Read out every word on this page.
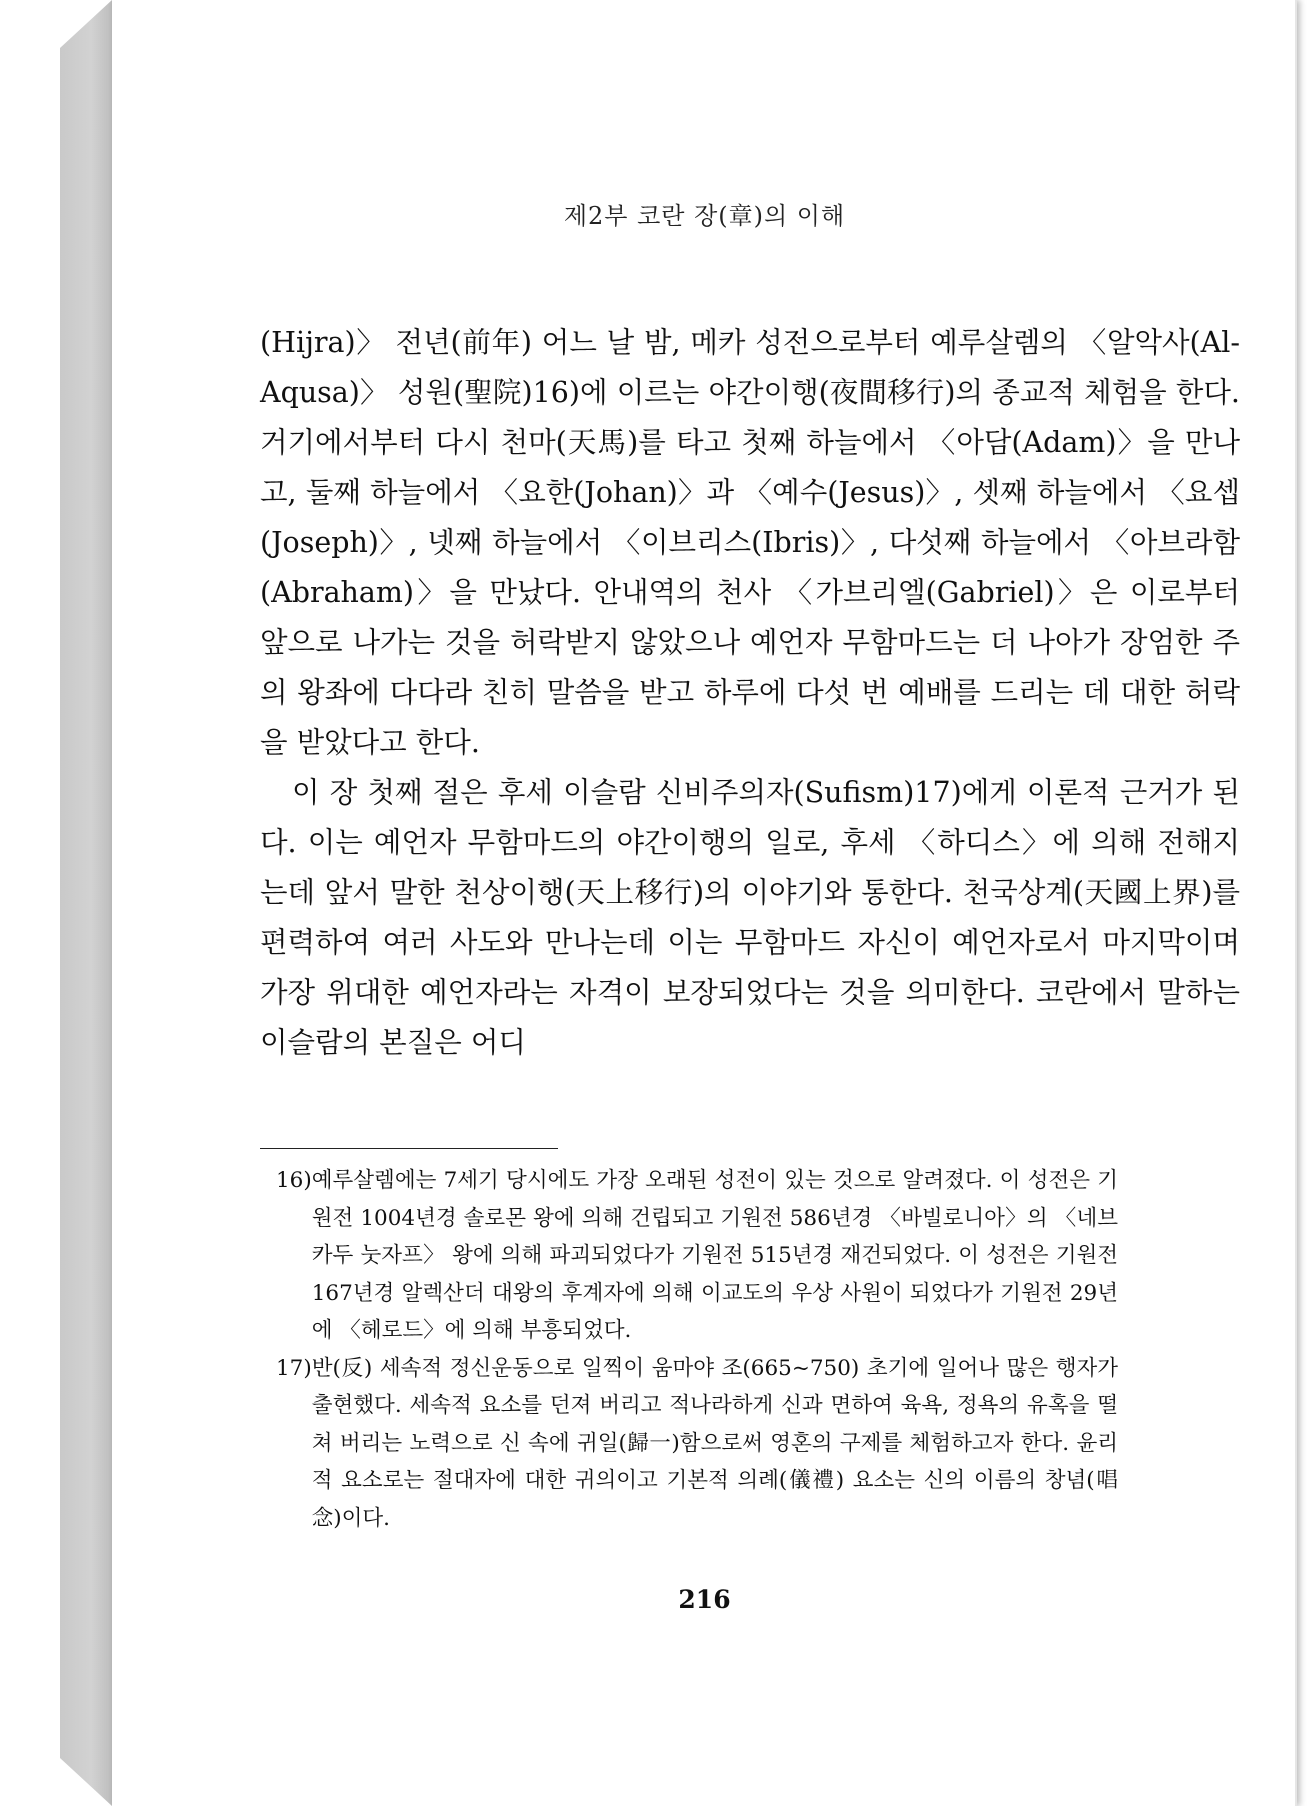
제2부 코란 장(章)의 이해

(Hijra)〉 전년(前年) 어느 날 밤, 메카 성전으로부터 예루살렘의 〈알악사(Al-Aqusa)〉 성원(聖院)16)에 이르는 야간이행(夜間移行)의 종교적 체험을 한다. 거기에서부터 다시 천마(天馬)를 타고 첫째 하늘에서 〈아담(Adam)〉을 만나고, 둘째 하늘에서 〈요한(Johan)〉과 〈예수(Jesus)〉, 셋째 하늘에서 〈요셉(Joseph)〉, 넷째 하늘에서 〈이브리스(Ibris)〉, 다섯째 하늘에서 〈아브라함(Abraham)〉을 만났다. 안내역의 천사 〈가브리엘(Gabriel)〉은 이로부터 앞으로 나가는 것을 허락받지 않았으나 예언자 무함마드는 더 나아가 장엄한 주의 왕좌에 다다라 친히 말씀을 받고 하루에 다섯 번 예배를 드리는 데 대한 허락을 받았다고 한다.

이 장 첫째 절은 후세 이슬람 신비주의자(Sufism)17)에게 이론적 근거가 된다. 이는 예언자 무함마드의 야간이행의 일로, 후세 〈하디스〉에 의해 전해지는데 앞서 말한 천상이행(天上移行)의 이야기와 통한다. 천국상계(天國上界)를 편력하여 여러 사도와 만나는데 이는 무함마드 자신이 예언자로서 마지막이며 가장 위대한 예언자라는 자격이 보장되었다는 것을 의미한다. 코란에서 말하는 이슬람의 본질은 어디

16) 예루살렘에는 7세기 당시에도 가장 오래된 성전이 있는 것으로 알려졌다. 이 성전은 기원전 1004년경 솔로몬 왕에 의해 건립되고 기원전 586년경 〈바빌로니아〉의 〈네브카두 눗자프〉 왕에 의해 파괴되었다가 기원전 515년경 재건되었다. 이 성전은 기원전 167년경 알렉산더 대왕의 후계자에 의해 이교도의 우상 사원이 되었다가 기원전 29년에 〈헤로드〉에 의해 부흥되었다.
17) 반(反) 세속적 정신운동으로 일찍이 움마야 조(665~750) 초기에 일어나 많은 행자가 출현했다. 세속적 요소를 던져 버리고 적나라하게 신과 면하여 육욕, 정욕의 유혹을 떨쳐 버리는 노력으로 신 속에 귀일(歸一)함으로써 영혼의 구제를 체험하고자 한다. 윤리적 요소로는 절대자에 대한 귀의이고 기본적 의례(儀禮) 요소는 신의 이름의 창념(唱念)이다.
216
